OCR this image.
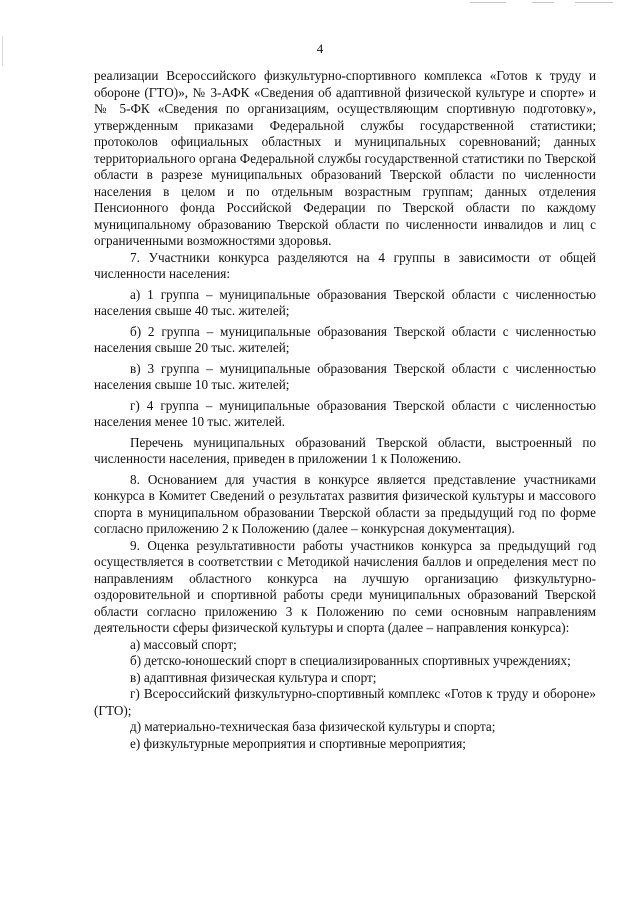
4

реализации Всероссийского физкультурно-спортивного комплекса «Готов к труду и обороне (ГТО)», № 3-АФК «Сведения об адаптивной физической культуре и спорте» и № 5-ФК «Сведения по организациям, осуществляющим спортивную подготовку», утвержденным приказами Федеральной службы государственной статистики; протоколов официальных областных и муниципальных соревнований; данных территориального органа Федеральной службы государственной статистики по Тверской области в разрезе муниципальных образований Тверской области по численности населения в целом и по отдельным возрастным группам; данных отделения Пенсионного фонда Российской Федерации по Тверской области по каждому муниципальному образованию Тверской области по численности инвалидов и лиц с ограниченными возможностями здоровья.

7. Участники конкурса разделяются на 4 группы в зависимости от общей численности населения:

а) 1 группа – муниципальные образования Тверской области с численностью населения свыше 40 тыс. жителей;

б) 2 группа – муниципальные образования Тверской области с численностью населения свыше 20 тыс. жителей;

в) 3 группа – муниципальные образования Тверской области с численностью населения свыше 10 тыс. жителей;

г) 4 группа – муниципальные образования Тверской области с численностью населения менее 10 тыс. жителей.

Перечень муниципальных образований Тверской области, выстроенный по численности населения, приведен в приложении 1 к Положению.

8. Основанием для участия в конкурсе является представление участниками конкурса в Комитет Сведений о результатах развития физической культуры и массового спорта в муниципальном образовании Тверской области за предыдущий год по форме согласно приложению 2 к Положению (далее – конкурсная документация).

9. Оценка результативности работы участников конкурса за предыдущий год осуществляется в соответствии с Методикой начисления баллов и определения мест по направлениям областного конкурса на лучшую организацию физкультурно-оздоровительной и спортивной работы среди муниципальных образований Тверской области согласно приложению 3 к Положению по семи основным направлениям деятельности сферы физической культуры и спорта (далее – направления конкурса):

а) массовый спорт;

б) детско-юношеский спорт в специализированных спортивных учреждениях;

в) адаптивная физическая культура и спорт;

г) Всероссийский физкультурно-спортивный комплекс «Готов к труду и обороне» (ГТО);

д) материально-техническая база физической культуры и спорта;

е) физкультурные мероприятия и спортивные мероприятия;
